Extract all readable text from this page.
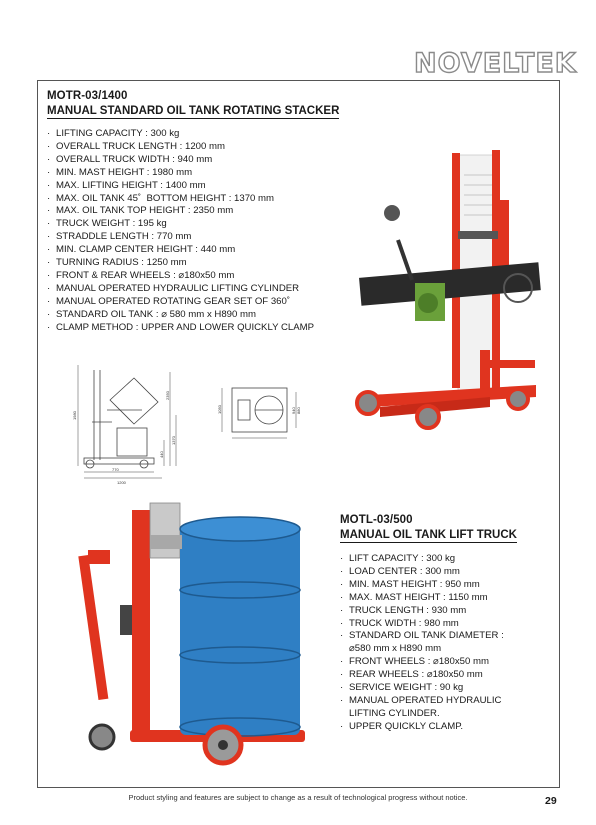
NOVELTEK
MOTR-03/1400
MANUAL STANDARD OIL TANK ROTATING STACKER
· LIFTING CAPACITY : 300 kg
· OVERALL TRUCK LENGTH : 1200 mm
· OVERALL TRUCK WIDTH : 940 mm
· MIN. MAST HEIGHT : 1980 mm
· MAX. LIFTING HEIGHT : 1400 mm
· MAX. OIL TANK 45˚  BOTTOM HEIGHT : 1370 mm
· MAX. OIL TANK TOP HEIGHT : 2350 mm
· TRUCK WEIGHT : 195 kg
· STRADDLE LENGTH : 770 mm
· MIN. CLAMP CENTER HEIGHT : 440 mm
· TURNING RADIUS : 1250 mm
· FRONT & REAR WHEELS : ⌀180x50 mm
· MANUAL OPERATED HYDRAULIC LIFTING CYLINDER
· MANUAL OPERATED ROTATING GEAR SET OF 360˚
· STANDARD OIL TANK : ⌀ 580 mm x H890 mm
· CLAMP METHOD : UPPER AND LOWER QUICKLY CLAMP
2350
1980
1370
440
770
1200
1050	940 880
MOTL-03/500
MANUAL OIL TANK LIFT TRUCK
· LIFT CAPACITY : 300 kg
· LOAD CENTER : 300 mm
· MIN. MAST HEIGHT : 950 mm
· MAX. MAST HEIGHT : 1150 mm
· TRUCK LENGTH : 930 mm
· TRUCK WIDTH : 980 mm
· STANDARD OIL TANK DIAMETER :
⌀580 mm x H890 mm
· FRONT WHEELS : ⌀180x50 mm
· REAR WHEELS : ⌀180x50 mm
· SERVICE WEIGHT : 90 kg
· MANUAL OPERATED HYDRAULIC
LIFTING CYLINDER.
· UPPER QUICKLY CLAMP.
Product styling and features are subject to change as a result of technological progress without notice.	29
